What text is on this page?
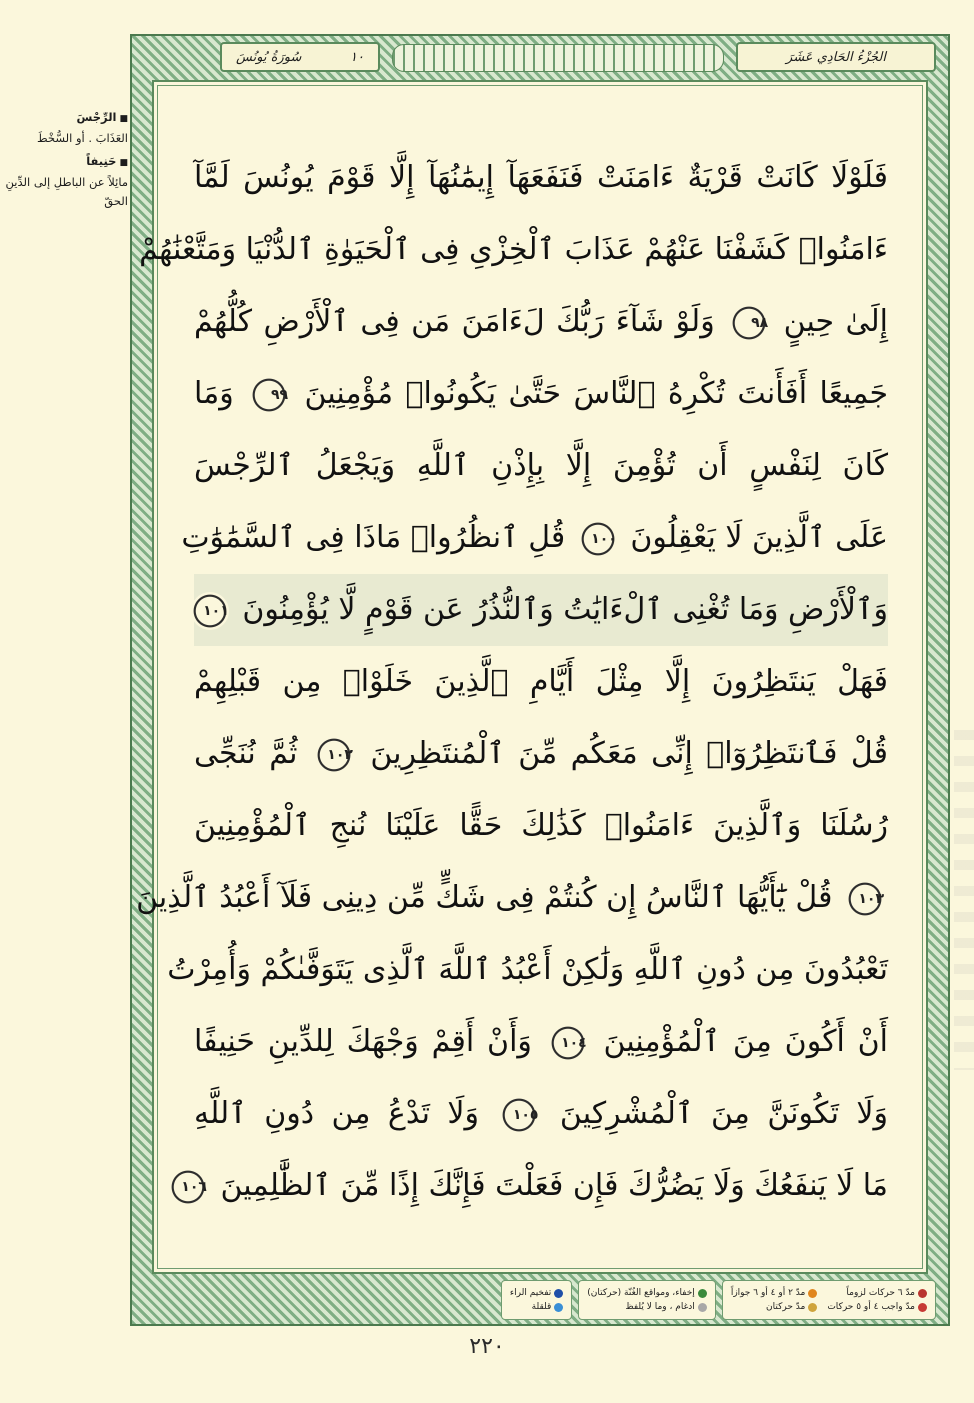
■ الرِّجْسَ
العَذَابَ . أو السُّخْطَ
■ حَنِيفاً
مائِلاً عن الباطلِ إلى الدِّينِ الحقّ
١٠
سُورَةُ يُونُسَ	الجُزْءُ الحَادِي عَشَرَ
فَلَوْلَا كَانَتْ قَرْيَةٌ ءَامَنَتْ فَنَفَعَهَآ إِيمَٰنُهَآ إِلَّا قَوْمَ يُونُسَ لَمَّآ
ءَامَنُوا۟ كَشَفْنَا عَنْهُمْ عَذَابَ ٱلْخِزْىِ فِى ٱلْحَيَوٰةِ ٱلدُّنْيَا وَمَتَّعْنَٰهُمْ
إِلَىٰ حِينٍ ٩٨ وَلَوْ شَآءَ رَبُّكَ لَءَامَنَ مَن فِى ٱلْأَرْضِ كُلُّهُمْ
جَمِيعًا أَفَأَنتَ تُكْرِهُ ٱلنَّاسَ حَتَّىٰ يَكُونُوا۟ مُؤْمِنِينَ ٩٩ وَمَا
كَانَ لِنَفْسٍ أَن تُؤْمِنَ إِلَّا بِإِذْنِ ٱللَّهِ وَيَجْعَلُ ٱلرِّجْسَ
عَلَى ٱلَّذِينَ لَا يَعْقِلُونَ ١٠٠ قُلِ ٱنظُرُوا۟ مَاذَا فِى ٱلسَّمَٰوَٰتِ
وَٱلْأَرْضِ وَمَا تُغْنِى ٱلْءَايَٰتُ وَٱلنُّذُرُ عَن قَوْمٍ لَّا يُؤْمِنُونَ ١٠١
فَهَلْ يَنتَظِرُونَ إِلَّا مِثْلَ أَيَّامِ ٱلَّذِينَ خَلَوْا۟ مِن قَبْلِهِمْ
قُلْ فَٱنتَظِرُوٓا۟ إِنِّى مَعَكُم مِّنَ ٱلْمُنتَظِرِينَ ١٠٢ ثُمَّ نُنَجِّى
رُسُلَنَا وَٱلَّذِينَ ءَامَنُوا۟ كَذَٰلِكَ حَقًّا عَلَيْنَا نُنجِ ٱلْمُؤْمِنِينَ
١٠٣ قُلْ يَٰٓأَيُّهَا ٱلنَّاسُ إِن كُنتُمْ فِى شَكٍّ مِّن دِينِى فَلَآ أَعْبُدُ ٱلَّذِينَ
تَعْبُدُونَ مِن دُونِ ٱللَّهِ وَلَٰكِنْ أَعْبُدُ ٱللَّهَ ٱلَّذِى يَتَوَفَّىٰكُمْ وَأُمِرْتُ
أَنْ أَكُونَ مِنَ ٱلْمُؤْمِنِينَ ١٠٤ وَأَنْ أَقِمْ وَجْهَكَ لِلدِّينِ حَنِيفًا
وَلَا تَكُونَنَّ مِنَ ٱلْمُشْرِكِينَ ١٠٥ وَلَا تَدْعُ مِن دُونِ ٱللَّهِ
مَا لَا يَنفَعُكَ وَلَا يَضُرُّكَ فَإِن فَعَلْتَ فَإِنَّكَ إِذًا مِّنَ ٱلظَّٰلِمِينَ ١٠٦
مدّ ٦ حركات لزوماً
مدّ ٢ أو ٤ أو ٦ جوازاً
مدّ واجب ٤ أو ٥ حركات
مدّ حركتان
إخفاء، ومواقع الغُنّة (حركتان)
ادغام ، وما لا يُلفظ
تفخيم الراء
قلقلة
٢٢٠
